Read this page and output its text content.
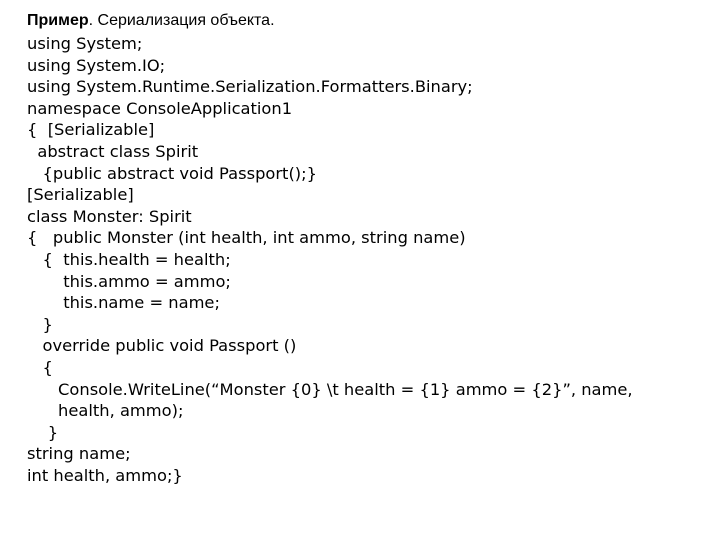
Пример. Сериализация объекта.
using System;
using System.IO;
using System.Runtime.Serialization.Formatters.Binary;
namespace ConsoleApplication1
{  [Serializable]
abstract class Spirit
{public abstract void Passport();}
[Serializable]
class Monster: Spirit
{   public Monster (int health, int ammo, string name)
{  this.health = health;
this.ammo = ammo;
this.name = name;
}
override public void Passport ()
{
Console.WriteLine(“Monster {0} \t health = {1} ammo = {2}”, name,
health, ammo);
}
string name;
int health, ammo;}
